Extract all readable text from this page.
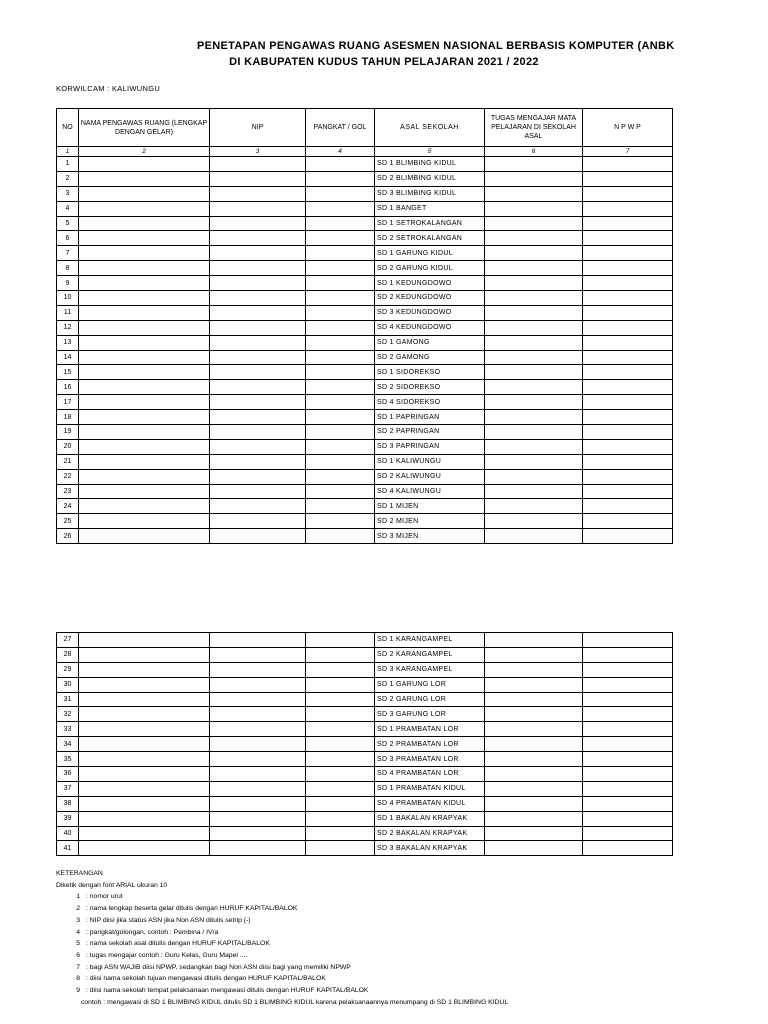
PENETAPAN PENGAWAS RUANG ASESMEN NASIONAL BERBASIS KOMPUTER (ANBK
DI KABUPATEN KUDUS TAHUN PELAJARAN 2021 / 2022
KORWILCAM : KALIWUNGU
NO	NAMA PENGAWAS RUANG (LENGKAP DENGAN GELAR)	NIP	PANGKAT / GOL	ASAL SEKOLAH	TUGAS MENGAJAR MATA PELAJARAN DI SEKOLAH ASAL	N P W P
1	2	3	4	5	6	7
1				SD 1 BLIMBING KIDUL		
2				SD 2 BLIMBING KIDUL		
3				SD 3 BLIMBING KIDUL		
4				SD 1 BANGET		
5				SD 1 SETROKALANGAN		
6				SD 2 SETROKALANGAN		
7				SD 1 GARUNG KIDUL		
8				SD 2 GARUNG KIDUL		
9				SD 1 KEDUNGDOWO		
10				SD 2 KEDUNGDOWO		
11				SD 3 KEDUNGDOWO		
12				SD 4 KEDUNGDOWO		
13				SD 1 GAMONG		
14				SD 2 GAMONG		
15				SD 1 SIDOREKSO		
16				SD 2 SIDOREKSO		
17				SD 4 SIDOREKSO		
18				SD 1 PAPRINGAN		
19				SD 2 PAPRINGAN		
20				SD 3 PAPRINGAN		
21				SD 1 KALIWUNGU		
22				SD 2 KALIWUNGU		
23				SD 4 KALIWUNGU		
24				SD 1 MIJEN		
25				SD 2 MIJEN		
26				SD 3 MIJEN		
27				SD 1 KARANGAMPEL		
28				SD 2 KARANGAMPEL		
29				SD 3 KARANGAMPEL		
30				SD 1 GARUNG LOR		
31				SD 2 GARUNG LOR		
32				SD 3 GARUNG LOR		
33				SD 1 PRAMBATAN LOR		
34				SD 2 PRAMBATAN LOR		
35				SD 3 PRAMBATAN LOR		
36				SD 4 PRAMBATAN LOR		
37				SD 1 PRAMBATAN KIDUL		
38				SD 4 PRAMBATAN KIDUL		
39				SD 1 BAKALAN KRAPYAK		
40				SD 2 BAKALAN KRAPYAK		
41				SD 3 BAKALAN KRAPYAK		
KETERANGAN
Diketik dengan font ARIAL ukuran 10
1 : nomor urut
2 : nama lengkap beserta gelar ditulis dengan HURUF KAPITAL/BALOK
3 : NIP diisi jika status ASN jika Non ASN ditulis setrip (-)
4 : pangkat/golongan, contoh : Pembina / IV/a
5 : nama sekolah asal ditulis dengan HURUF KAPITAL/BALOK
6 : tugas mengajar contoh : Guru Kelas, Guru Mapel ....
7 : bagi ASN WAJIB diisi NPWP, sedangkan bagi Non ASN diisi bagi yang memiliki NPWP
8 : diisi nama sekolah tujuan mengawasi ditulis dengan HURUF KAPITAL/BALOK
9 : diisi nama sekolah tempat pelaksanaan mengawasi ditulis dengan HURUF KAPITAL/BALOK
contoh : mengawasi di SD 1 BLIMBING KIDUL ditulis SD 1 BLIMBING KIDUL karena pelaksanaannya menumpang di SD 1 BLIMBING KIDUL
